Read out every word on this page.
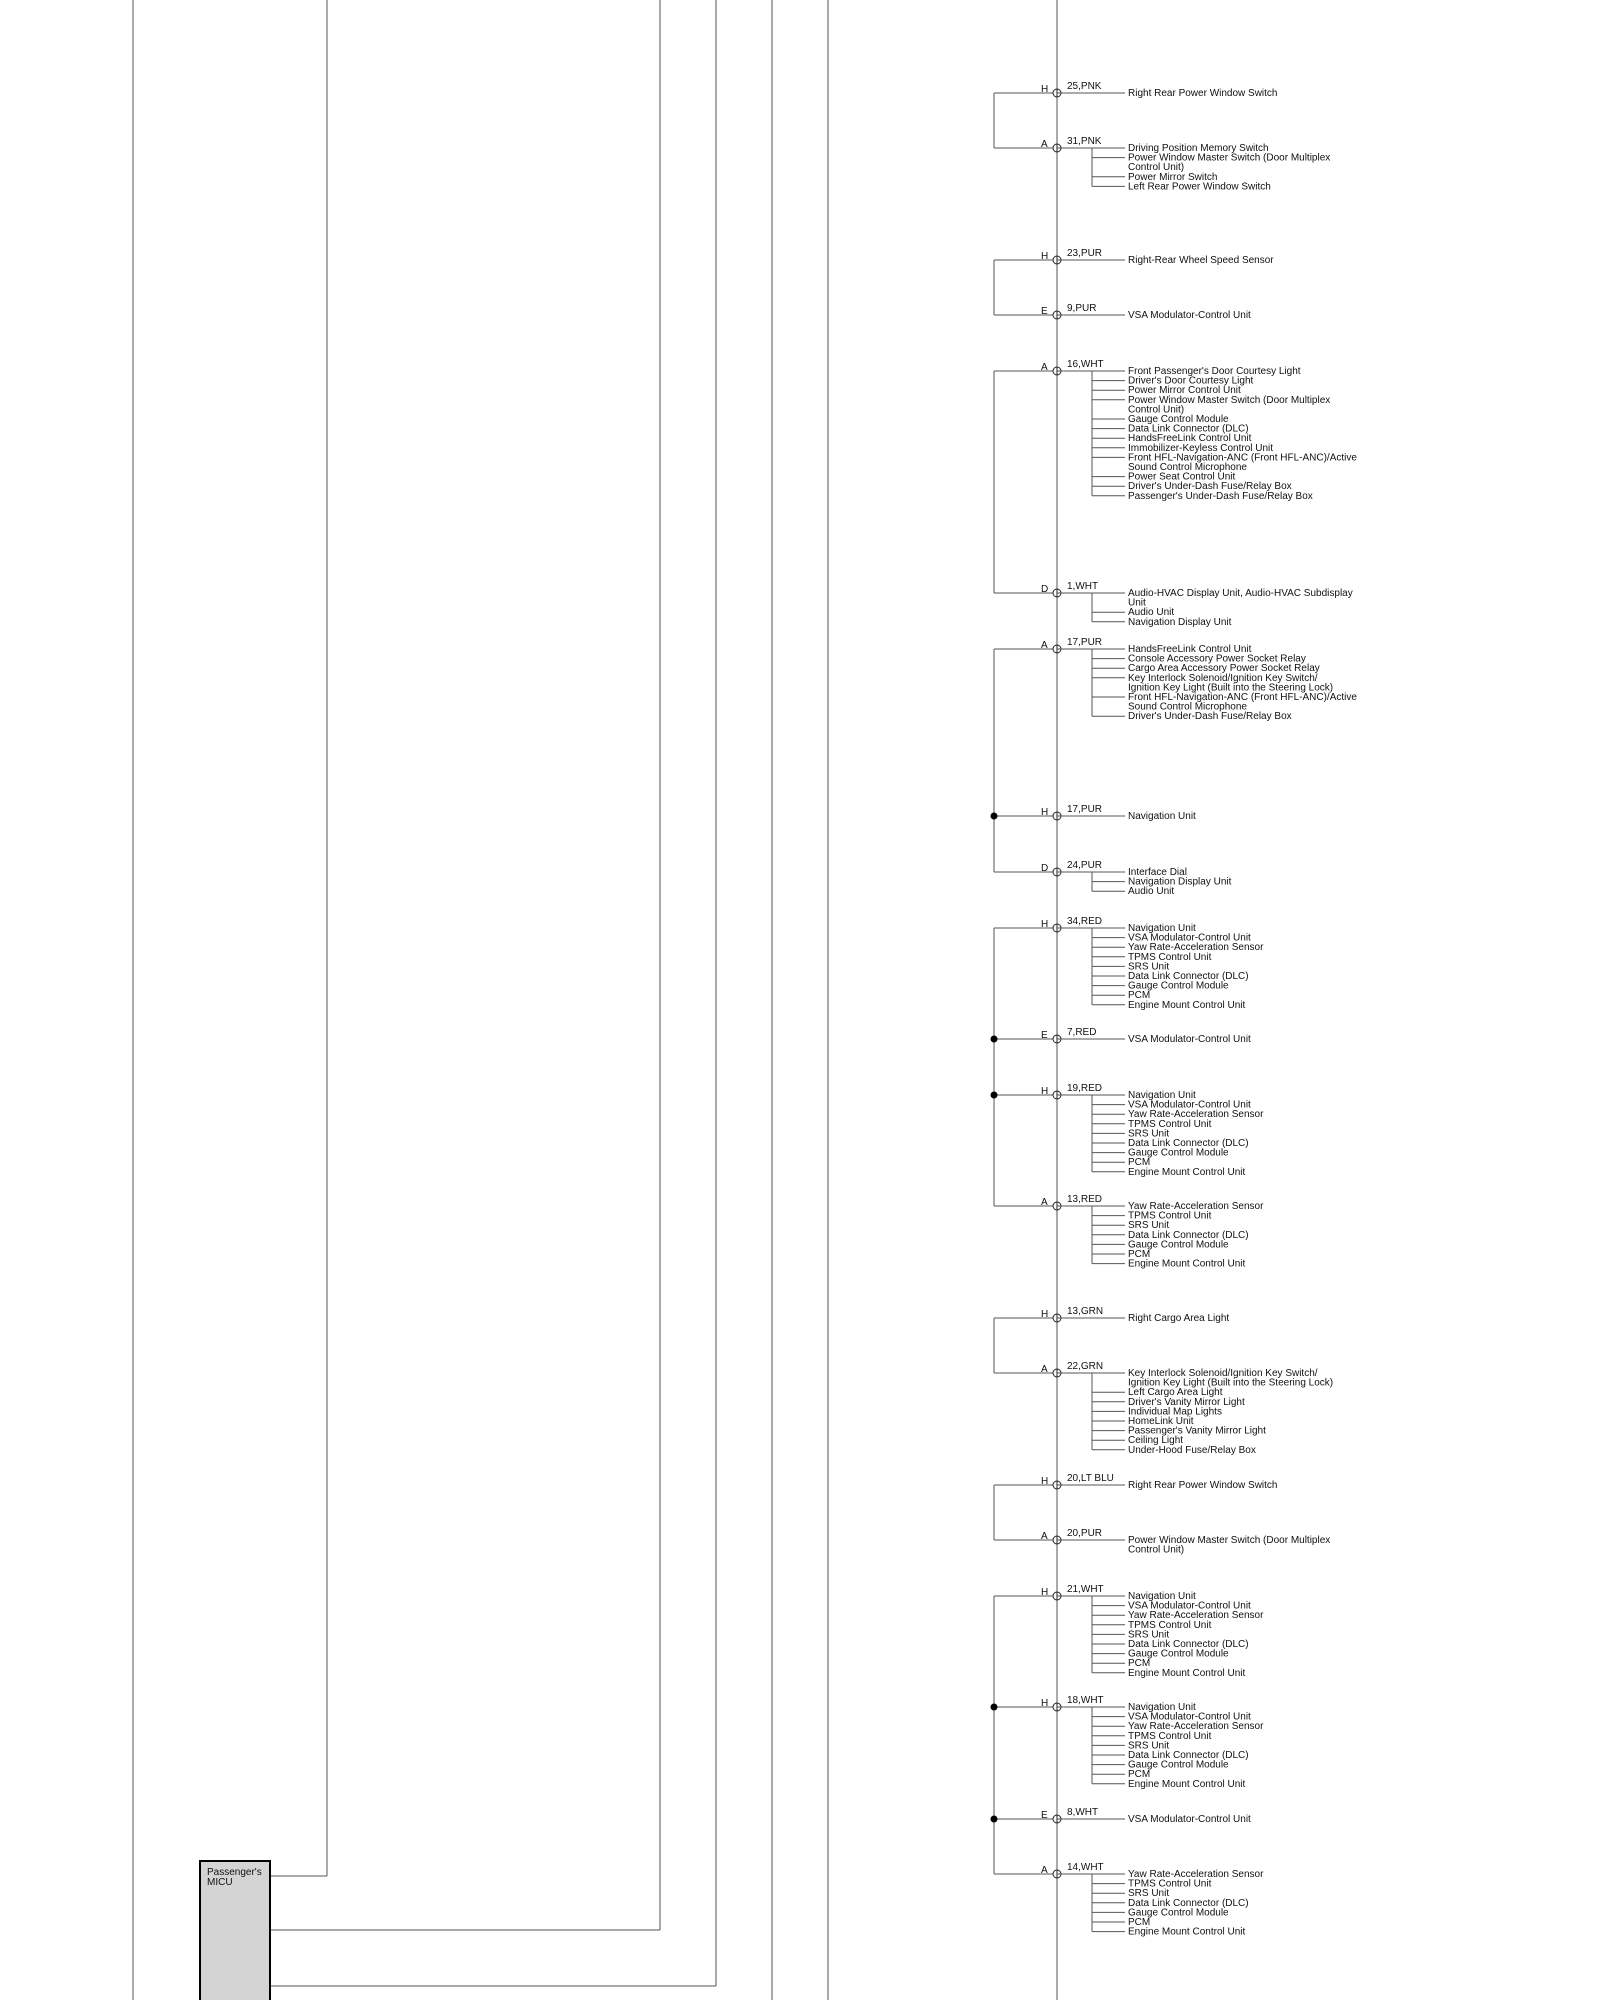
Passenger's
MICU
H 25,PNK
Right Rear Power Window Switch
A 31,PNK
Driving Position Memory Switch
Power Window Master Switch (Door Multiplex Control Unit)
Power Mirror Switch
Left Rear Power Window Switch
H 23,PUR
Right-Rear Wheel Speed Sensor
E 9,PUR
VSA Modulator-Control Unit
A 16,WHT
Front Passenger's Door Courtesy Light
Driver's Door Courtesy Light
Power Mirror Control Unit
Power Window Master Switch (Door Multiplex Control Unit)
Gauge Control Module
Data Link Connector (DLC)
HandsFreeLink Control Unit
Immobilizer-Keyless Control Unit
Front HFL-Navigation-ANC (Front HFL-ANC)/Active Sound Control Microphone
Power Seat Control Unit
Driver's Under-Dash Fuse/Relay Box
Passenger's Under-Dash Fuse/Relay Box
D 1,WHT
Audio-HVAC Display Unit, Audio-HVAC Subdisplay Unit
Audio Unit
Navigation Display Unit
A 17,PUR
HandsFreeLink Control Unit
Console Accessory Power Socket Relay
Cargo Area Accessory Power Socket Relay
Key Interlock Solenoid/Ignition Key Switch/ Ignition Key Light (Built into the Steering Lock)
Front HFL-Navigation-ANC (Front HFL-ANC)/Active Sound Control Microphone
Driver's Under-Dash Fuse/Relay Box
H 17,PUR
Navigation Unit
D 24,PUR
Interface Dial
Navigation Display Unit
Audio Unit
H 34,RED
Navigation Unit
VSA Modulator-Control Unit
Yaw Rate-Acceleration Sensor
TPMS Control Unit
SRS Unit
Data Link Connector (DLC)
Gauge Control Module
PCM
Engine Mount Control Unit
E 7,RED
VSA Modulator-Control Unit
H 19,RED
Navigation Unit
VSA Modulator-Control Unit
Yaw Rate-Acceleration Sensor
TPMS Control Unit
SRS Unit
Data Link Connector (DLC)
Gauge Control Module
PCM
Engine Mount Control Unit
A 13,RED
Yaw Rate-Acceleration Sensor
TPMS Control Unit
SRS Unit
Data Link Connector (DLC)
Gauge Control Module
PCM
Engine Mount Control Unit
H 13,GRN
Right Cargo Area Light
A 22,GRN
Key Interlock Solenoid/Ignition Key Switch/ Ignition Key Light (Built into the Steering Lock)
Left Cargo Area Light
Driver's Vanity Mirror Light
Individual Map Lights
HomeLink Unit
Passenger's Vanity Mirror Light
Ceiling Light
Under-Hood Fuse/Relay Box
H 20,LT BLU
Right Rear Power Window Switch
A 20,PUR
Power Window Master Switch (Door Multiplex Control Unit)
H 21,WHT
Navigation Unit
VSA Modulator-Control Unit
Yaw Rate-Acceleration Sensor
TPMS Control Unit
SRS Unit
Data Link Connector (DLC)
Gauge Control Module
PCM
Engine Mount Control Unit
H 18,WHT
Navigation Unit
VSA Modulator-Control Unit
Yaw Rate-Acceleration Sensor
TPMS Control Unit
SRS Unit
Data Link Connector (DLC)
Gauge Control Module
PCM
Engine Mount Control Unit
E 8,WHT
VSA Modulator-Control Unit
A 14,WHT
Yaw Rate-Acceleration Sensor
TPMS Control Unit
SRS Unit
Data Link Connector (DLC)
Gauge Control Module
PCM
Engine Mount Control Unit
